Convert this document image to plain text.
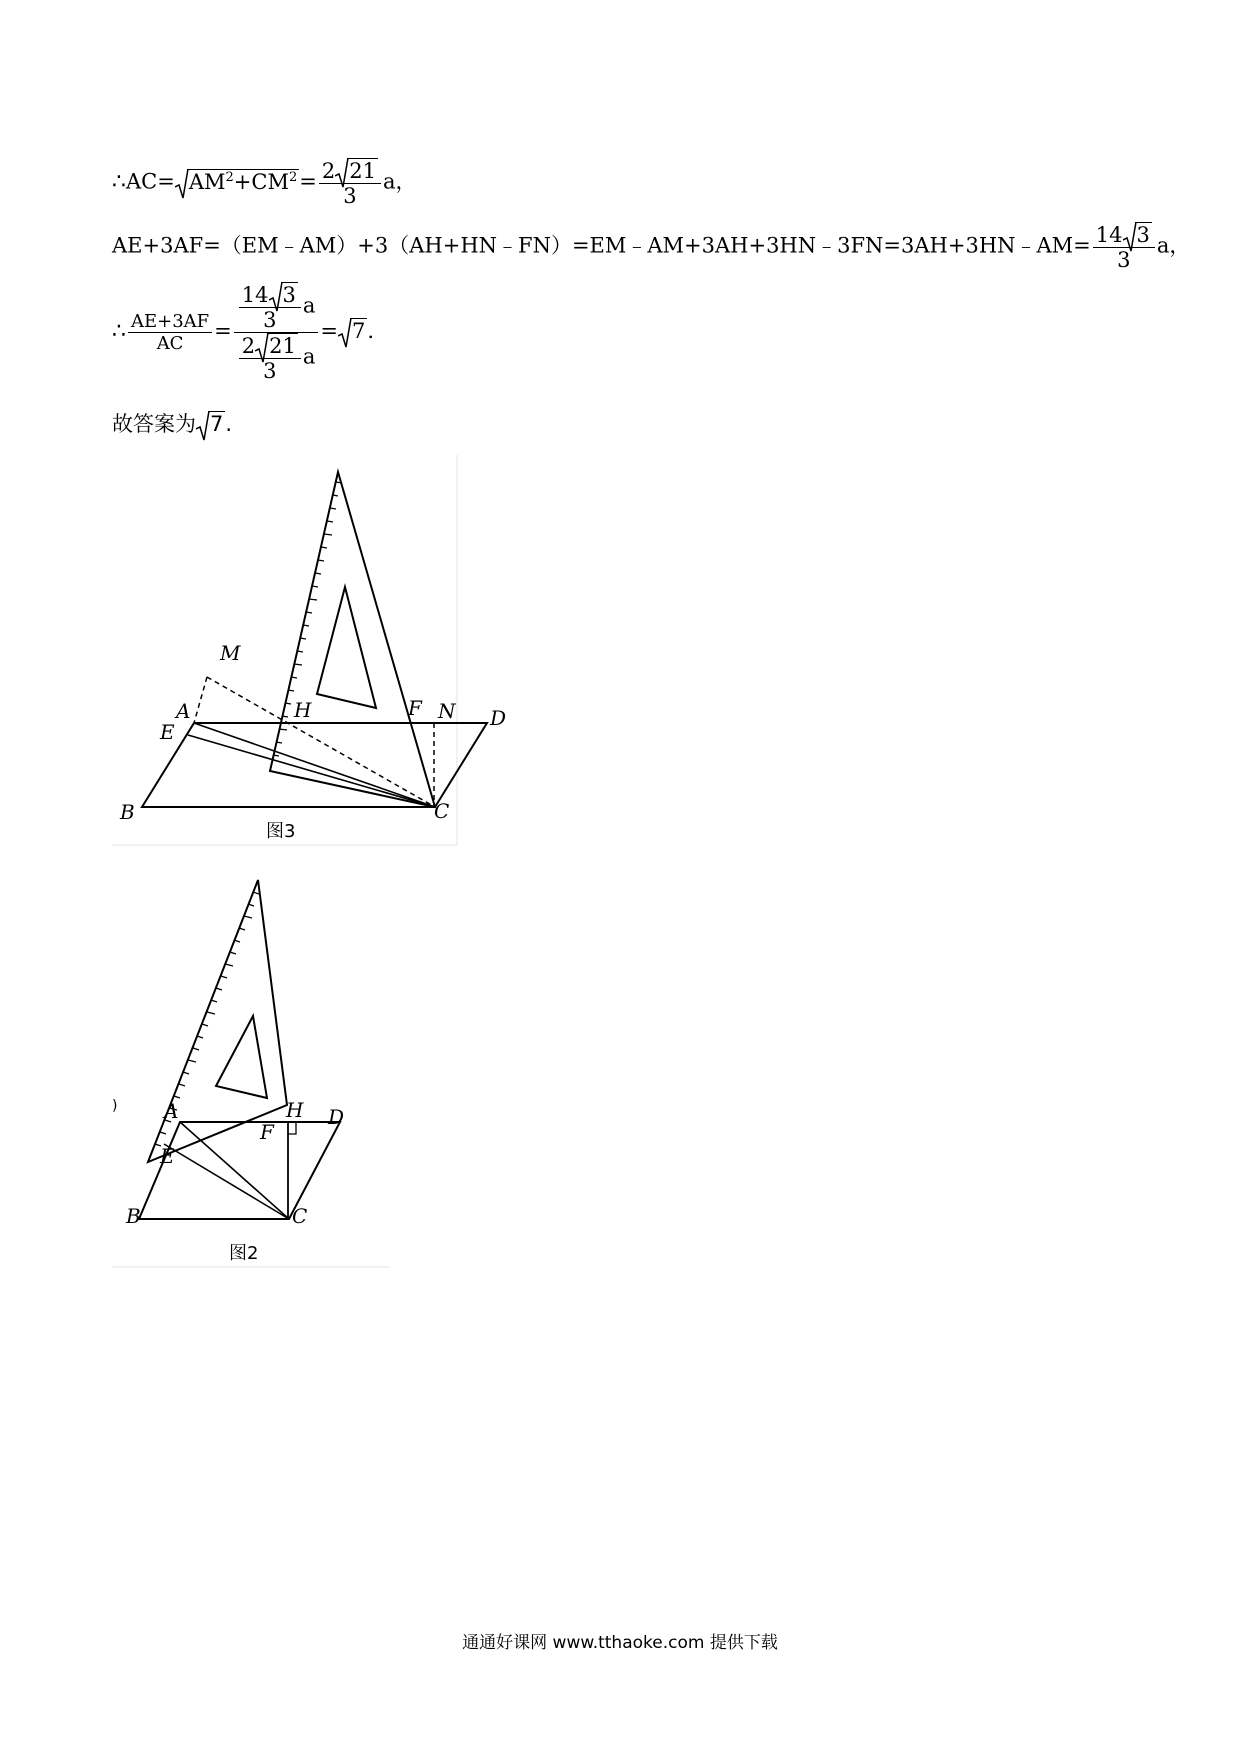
∴AC= $AM^2+CM^2= \frac{2 21}{3}$ a，
AE+3AF=（EM﹣AM）+3（AH+HN﹣FN）=EM﹣AM+3AH+3HN﹣3FN=3AH+3HN﹣AM= $\frac{14 3}{3}$ a，
∴ $\frac{AE+3AF}{AC} = \frac{\frac{14 3}{3} a}{\frac{2 21}{3} a} = 7$.
故答案为 7.
M
A	H	F N D
E
B	C
图3
) A	H D
F
E
B	C
图2
通通好课网 www.tthaoke.com 提供下载
